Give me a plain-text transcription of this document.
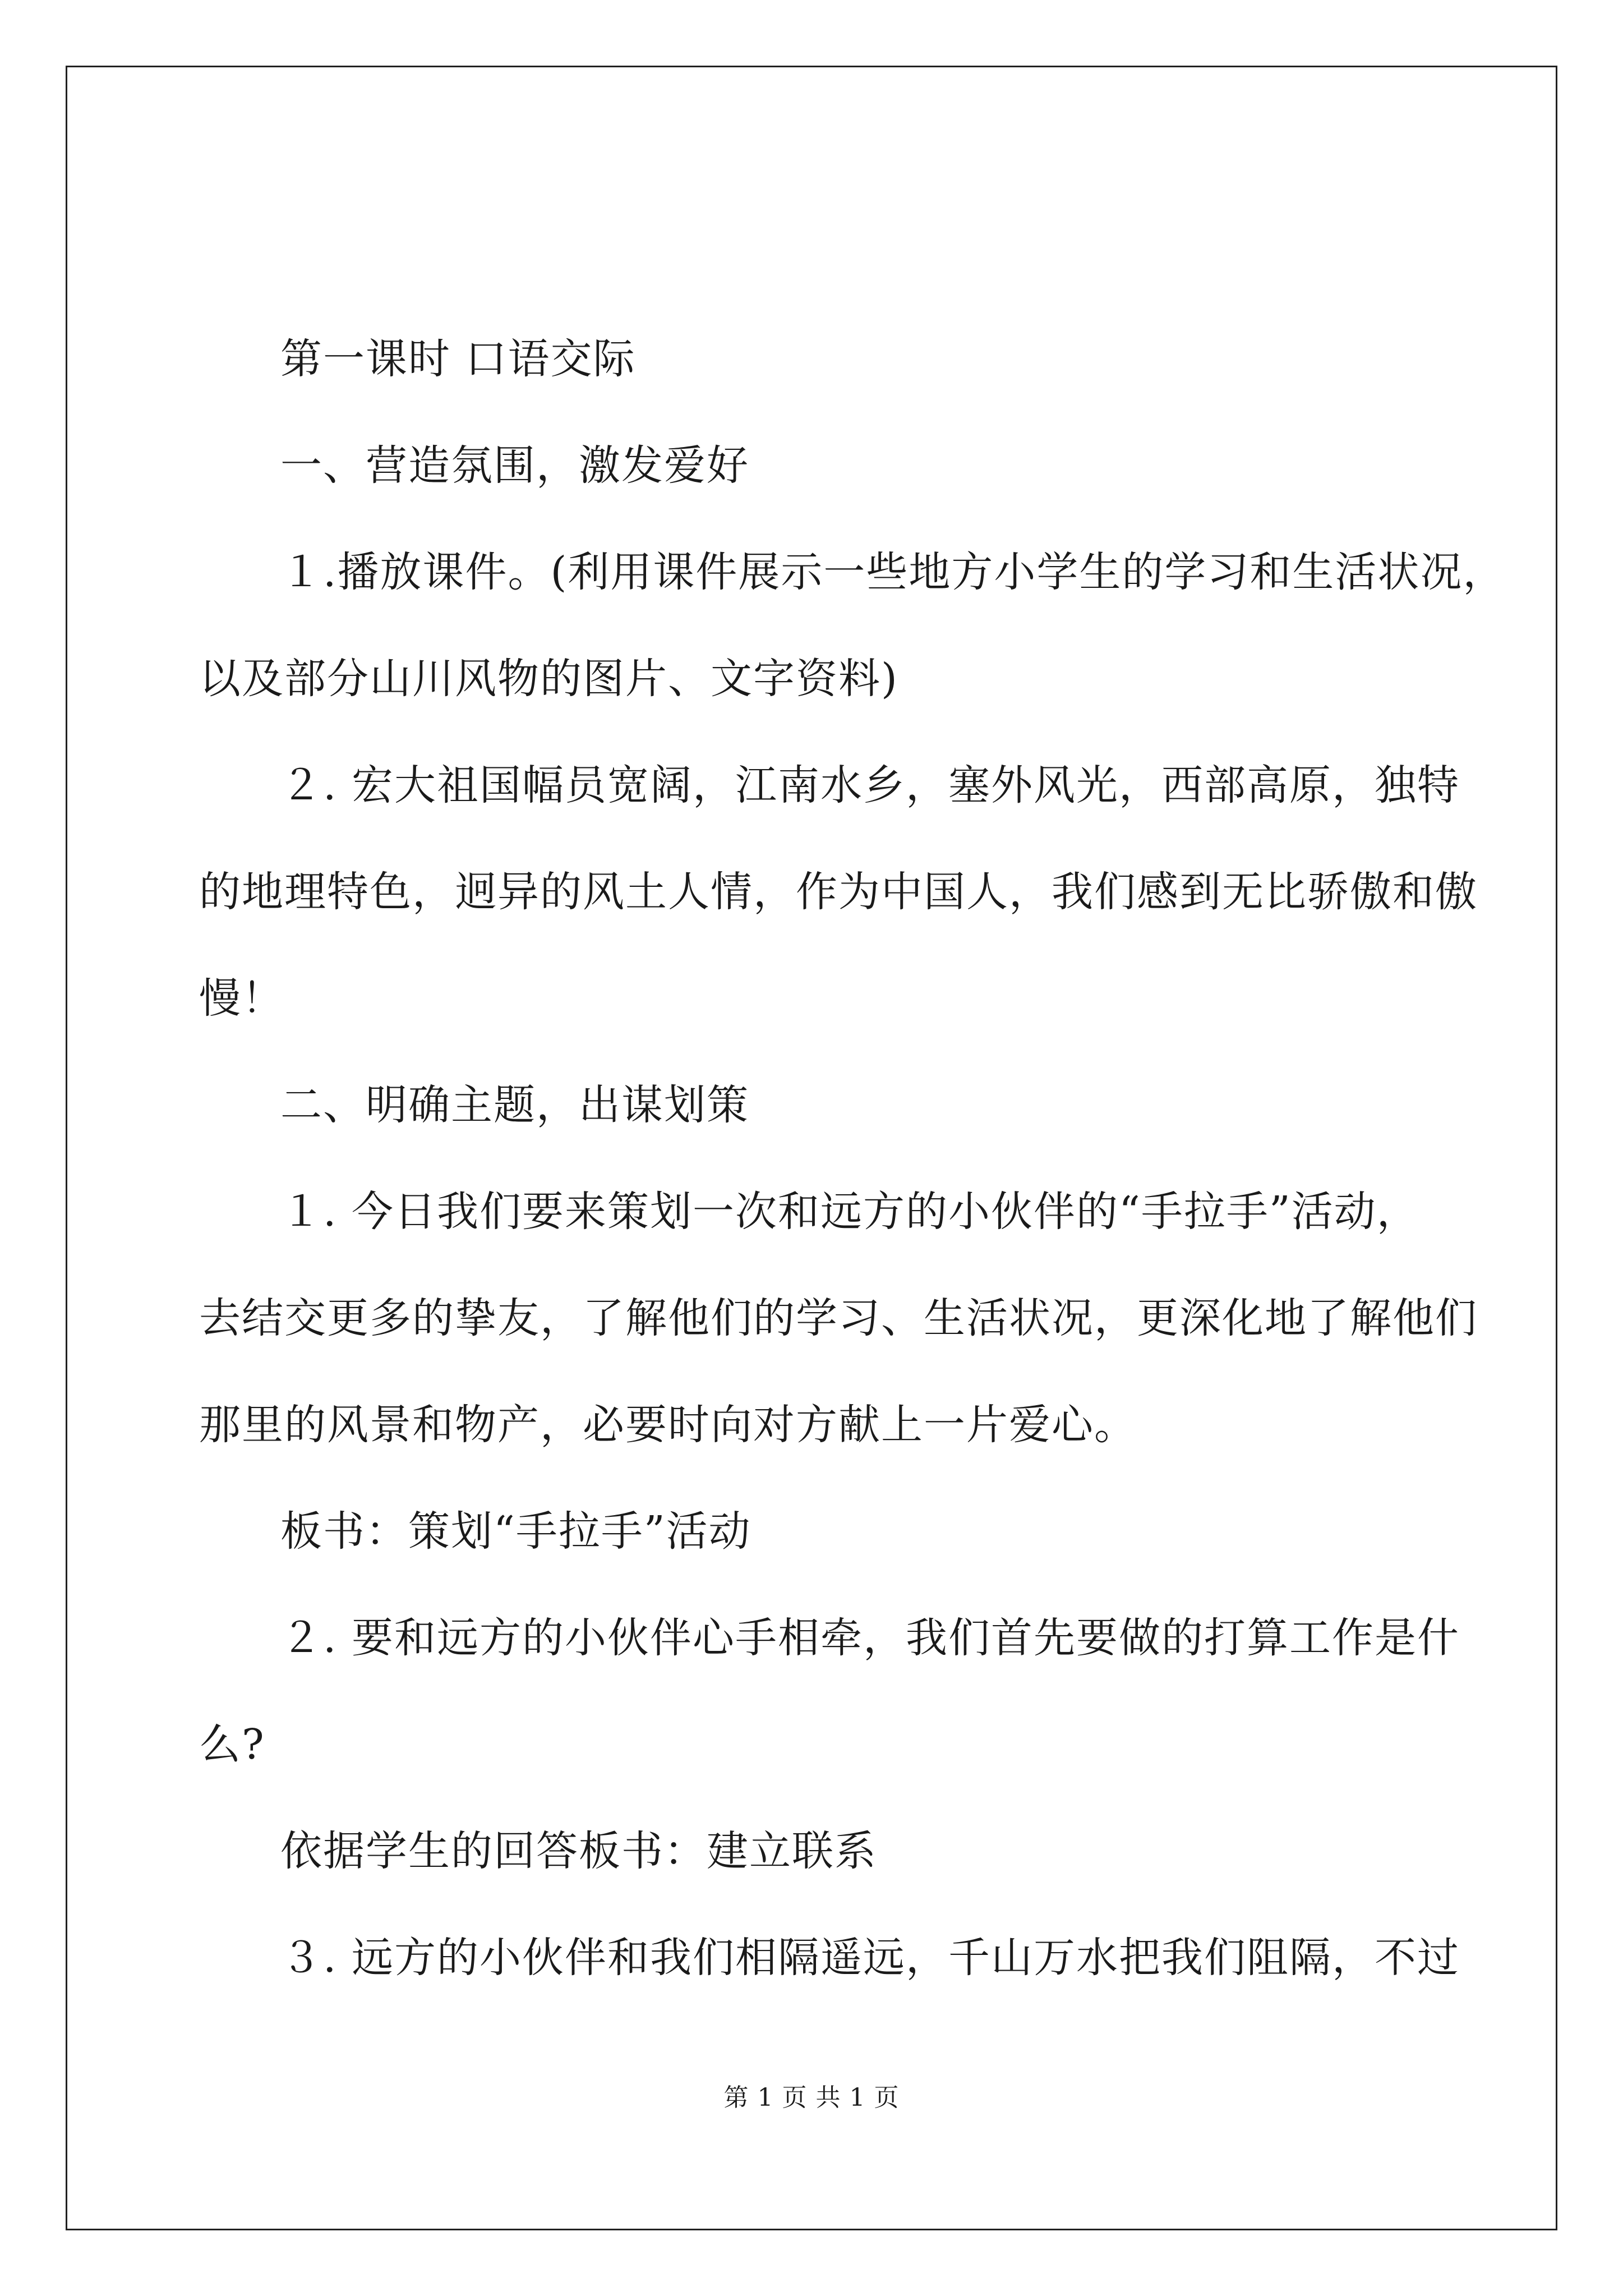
第一课时 口语交际
一、营造氛围，激发爱好
１.播放课件。(利用课件展示一些地方小学生的学习和生活状况，
以及部分山川风物的图片、文字资料)
２. 宏大祖国幅员宽阔，江南水乡，塞外风光，西部高原，独特
的地理特色，迥异的风土人情，作为中国人，我们感到无比骄傲和傲
慢！
二、明确主题，出谋划策
１. 今日我们要来策划一次和远方的小伙伴的“手拉手”活动，
去结交更多的挚友，了解他们的学习、生活状况，更深化地了解他们
那里的风景和物产，必要时向对方献上一片爱心。
板书：策划“手拉手”活动
２. 要和远方的小伙伴心手相牵，我们首先要做的打算工作是什
么?
依据学生的回答板书：建立联系
３. 远方的小伙伴和我们相隔遥远，千山万水把我们阻隔，不过
第 1 页 共 1 页
